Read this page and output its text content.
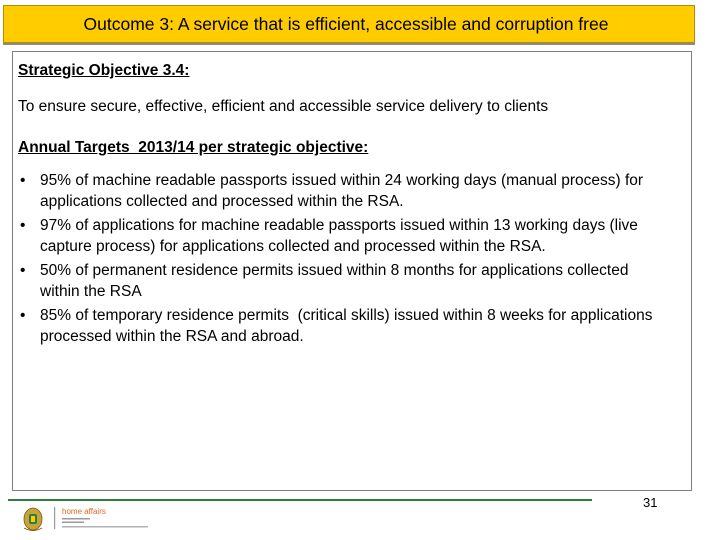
Outcome 3: A service that is efficient, accessible and corruption free
Strategic Objective 3.4:
To ensure secure, effective, efficient and accessible service delivery to clients
Annual Targets  2013/14 per strategic objective:
• 95% of machine readable passports issued within 24 working days (manual process) for applications collected and processed within the RSA.
• 97% of applications for machine readable passports issued within 13 working days (live capture process) for applications collected and processed within the RSA.
• 50% of permanent residence permits issued within 8 months for applications collected within the RSA
• 85% of temporary residence permits  (critical skills) issued within 8 weeks for applications processed within the RSA and abroad.
home affairs
31
